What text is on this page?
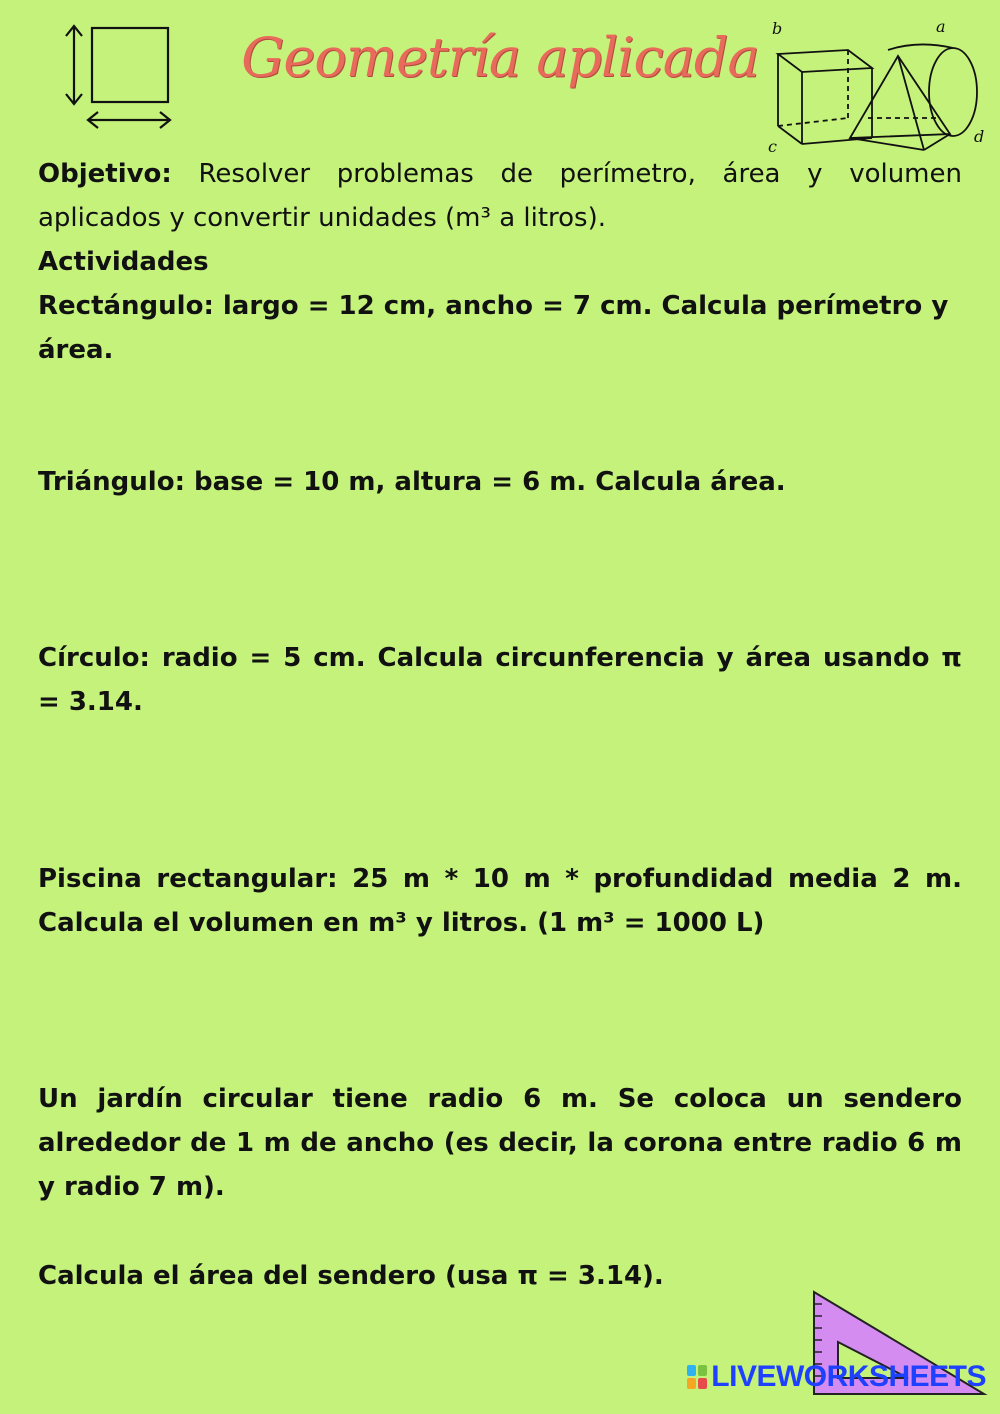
Geometría aplicada b	a
c
d
Objetivo: Resolver problemas de perímetro, área y volumen aplicados y convertir unidades (m³ a litros).
Actividades
Rectángulo: largo = 12 cm, ancho = 7 cm. Calcula perímetro y área.
Triángulo: base = 10 m, altura = 6 m. Calcula área.
Círculo: radio = 5 cm. Calcula circunferencia y área usando π = 3.14.
Piscina rectangular: 25 m * 10 m * profundidad media 2 m. Calcula el volumen en m³ y litros. (1 m³ = 1000 L)
Un jardín circular tiene radio 6 m. Se coloca un sendero alrededor de 1 m de ancho (es decir, la corona entre radio 6 m y radio 7 m).
Calcula el área del sendero (usa π = 3.14).
LIVEWORKSHEETS
